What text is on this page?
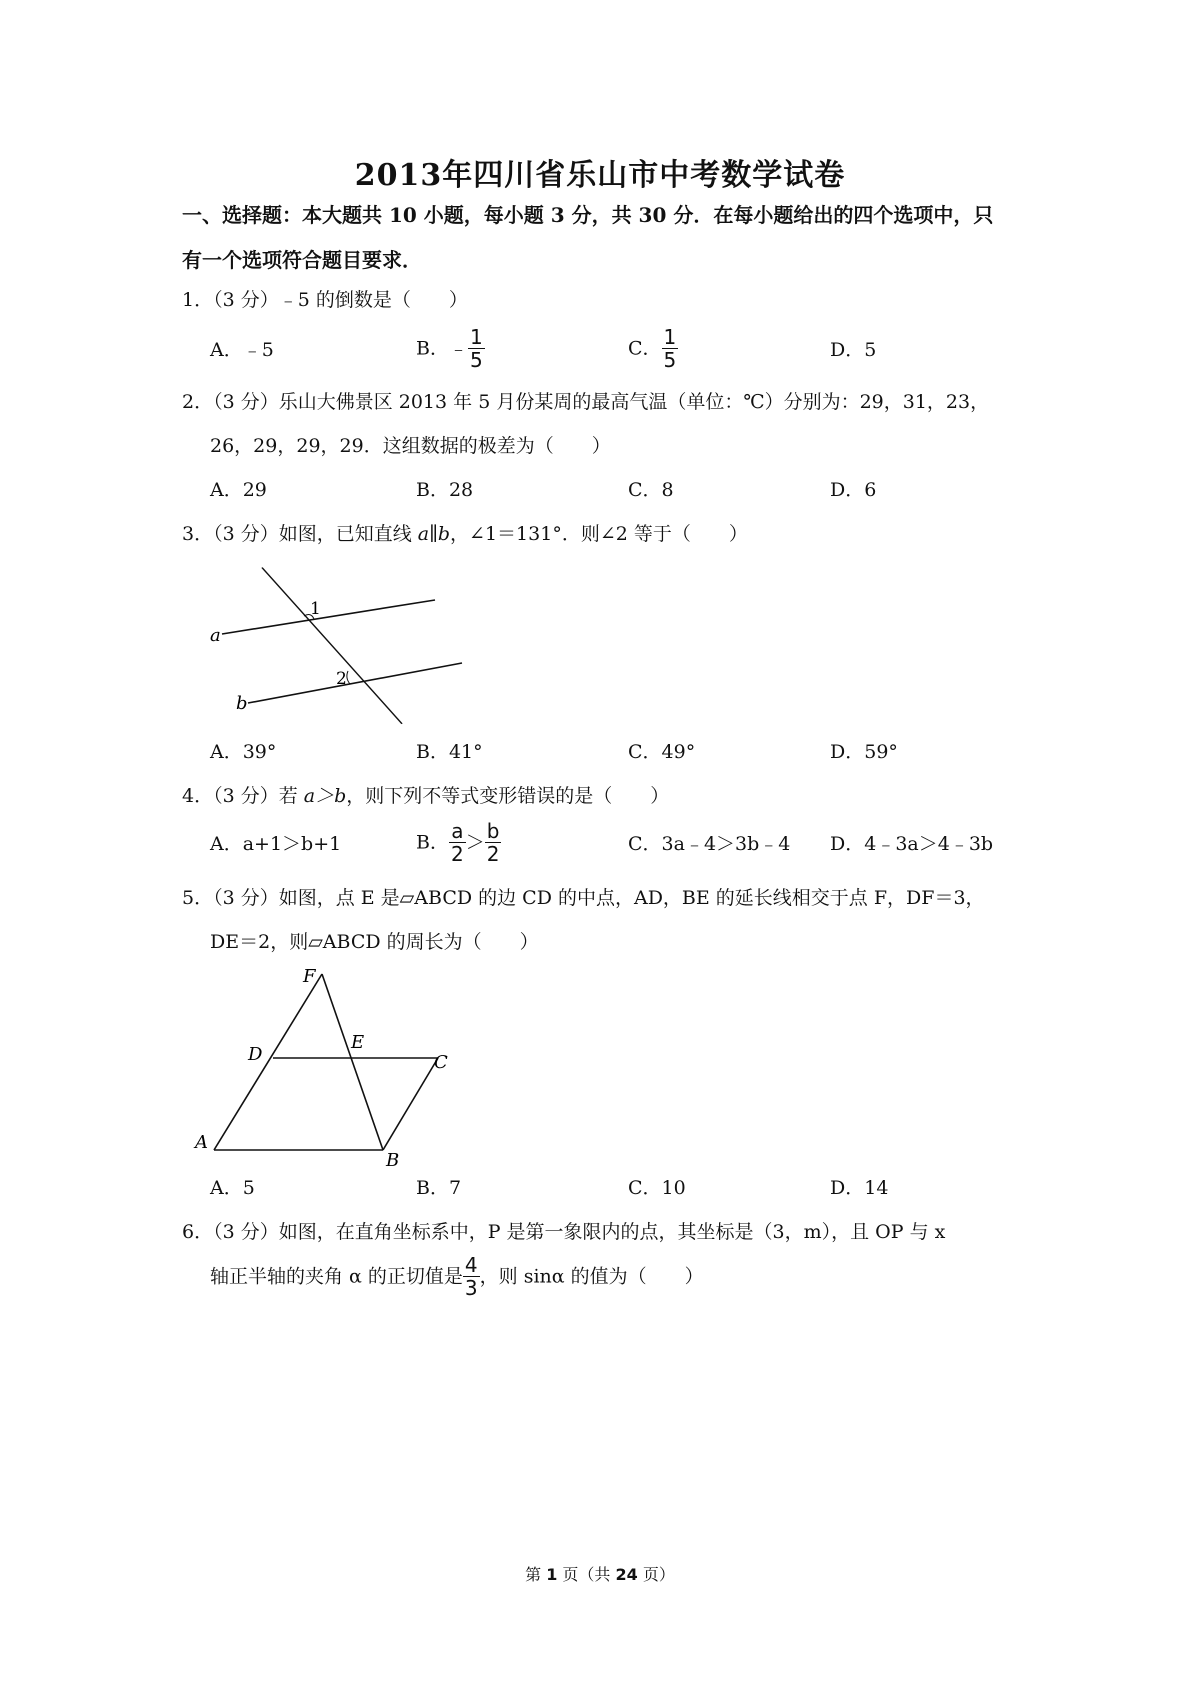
2013年四川省乐山市中考数学试卷
一、选择题：本大题共 10 小题，每小题 3 分，共 30 分．在每小题给出的四个选项中，只
有一个选项符合题目要求．
1．（3 分）﹣5 的倒数是（　　）
A．﹣5	B．﹣ $\frac{1}{5}$	C． $\frac{1}{5}$	D．5
2．（3 分）乐山大佛景区 2013 年 5 月份某周的最高气温（单位：℃）分别为：29，31，23，
26，29，29，29．这组数据的极差为（　　）
A．29	B．28	C．8	D．6
3．（3 分）如图，已知直线 a∥b，∠1＝131°．则∠2 等于（　　）
a
b
1
2
A．39°	B．41°	C．49°	D．59°
4．（3 分）若 a＞b，则下列不等式变形错误的是（　　）
A．a+1＞b+1	B． $\frac{a}{2} > \frac{b}{2}$	C．3a﹣4＞3b﹣4 D．4﹣3a＞4﹣3b
5．（3 分）如图，点 E 是▱ABCD 的边 CD 的中点，AD，BE 的延长线相交于点 F，DF＝3，
DE＝2，则▱ABCD 的周长为（　　）
F
D
E
C
A
B
A．5	B．7	C．10	D．14
6．（3 分）如图，在直角坐标系中，P 是第一象限内的点，其坐标是（3，m），且 OP 与 x
轴正半轴的夹角 α 的正切值是 $\frac{4}{3}$ ，则 sinα 的值为（　　）
第 1 页（共 24 页）
